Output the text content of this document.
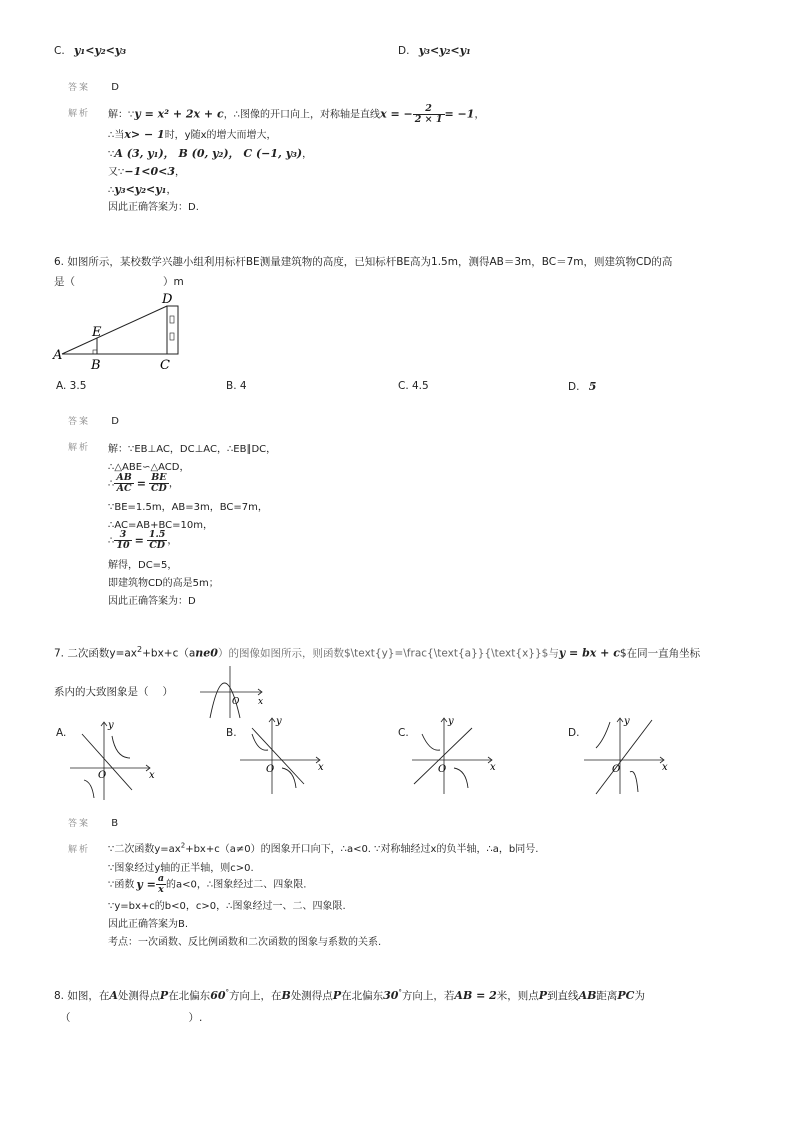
C. y₁<y₂<y₃	D. y₃<y₂<y₁
答案 D
解析 解：∵y = x² + 2x + c，∴图像的开口向上，对称轴是直线x = − $\frac{2}{2 \times 1} = -1$，
∴当x> − 1时，y随x的增大而增大，
∵A (3, y₁)， B (0, y₂)， C (−1, y₃)，
又∵−1<0<3，
∴y₃<y₂<y₁，
因此正确答案为：D.
6. 如图所示，某校数学兴趣小组利用标杆BE测量建筑物的高度，已知标杆BE高为1.5m，测得AB＝3m，BC＝7m，则建筑物CD的高
是（	）m
A
E
B	C
D
A. 3.5	B. 4	C. 4.5	D. 5
答案 D
解析 解：∵EB⊥AC，DC⊥AC，∴EB∥DC，
∴△ABE∽△ACD，
∴ $\frac{AB}{AC} = \frac{BE}{CD}$ ，
∵BE=1.5m，AB=3m，BC=7m，
∴AC=AB+BC=10m，
∴ $\frac{3}{10} = \frac{1.5}{CD}$ ，
解得，DC=5，
即建筑物CD的高是5m；
因此正确答案为：D
7. 二次函数$y=ax^2+bx+c(ane0)$的图像如图所示，则函数$\text{y}=\frac{\text{a}}{\text{x}}$与y = bx + c$在同一直角坐标
系内的大致图象是（ ）
O x
A.
O	x
y
B.
O	x
y
C.
O	x
y
D.
O	x
y
答案 B
解析 ∵二次函数$y=ax^2+bx+c(a\ne 0)$的图象开口向下，∴a<0. ∵对称轴经过x的负半轴，∴a，b同号.
∵图象经过y轴的正半轴，则c>0.
∵函数 $y = \frac{a}{x}$ 的a<0，∴图象经过二、四象限.
∵y=bx+c的b<0，c>0，∴图象经过一、二、四象限.
因此正确答案为B.
考点：一次函数、反比例函数和二次函数的图象与系数的关系.
8. 如图，在A处测得点P在北偏东60°方向上，在B处测得点P在北偏东30°方向上，若AB = 2米，则点P到直线AB距离PC为
（	）.
